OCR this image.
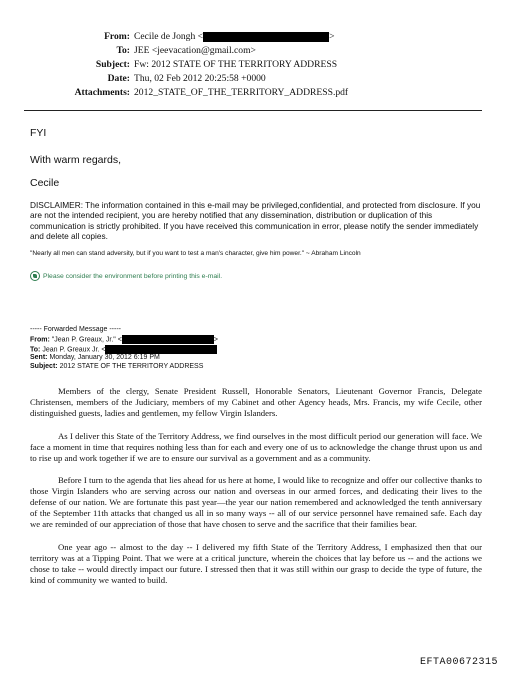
From: Cecile de Jongh <	>
To: JEE <jeevacation@gmail.com>
Subject: Fw: 2012 STATE OF THE TERRITORY ADDRESS
Date: Thu, 02 Feb 2012 20:25:58 +0000
Attachments: 2012_STATE_OF_THE_TERRITORY_ADDRESS.pdf
FYI
With warm regards,
Cecile
DISCLAIMER: The information contained in this e-mail may be privileged,confidential, and protected from disclosure. If you are not the intended recipient, you are hereby notified that any dissemination, distribution or duplication of this communication is strictly prohibited. If you have received this communication in error, please notify the sender immediately and delete all copies.
"Nearly all men can stand adversity, but if you want to test a man's character, give him power." ~ Abraham Lincoln
Please consider the environment before printing this e-mail.
----- Forwarded Message -----
From: "Jean P. Greaux, Jr." <	>
To: Jean P. Greaux Jr. <
Sent: Monday, January 30, 2012 6:19 PM
Subject: 2012 STATE OF THE TERRITORY ADDRESS

Members of the clergy, Senate President Russell, Honorable Senators, Lieutenant Governor Francis, Delegate Christensen, members of the Judiciary, members of my Cabinet and other Agency heads, Mrs. Francis, my wife Cecile, other distinguished guests, ladies and gentlemen, my fellow Virgin Islanders.

As I deliver this State of the Territory Address, we find ourselves in the most difficult period our generation will face. We face a moment in time that requires nothing less than for each and every one of us to acknowledge the change thrust upon us and to rise up and work together if we are to ensure our survival as a government and as a community.

Before I turn to the agenda that lies ahead for us here at home, I would like to recognize and offer our collective thanks to those Virgin Islanders who are serving across our nation and overseas in our armed forces, and dedicating their lives to the defense of our nation. We are fortunate this past year—the year our nation remembered and acknowledged the tenth anniversary of the September 11th attacks that changed us all in so many ways -- all of our service personnel have remained safe. Each day we are reminded of our appreciation of those that have chosen to serve and the sacrifice that their families bear.

One year ago -- almost to the day -- I delivered my fifth State of the Territory Address, I emphasized then that our territory was at a Tipping Point. That we were at a critical juncture, wherein the choices that lay before us -- and the actions we chose to take -- would directly impact our future. I stressed then that it was still within our grasp to decide the type of future, the kind of community we wanted to build.

EFTA00672315
